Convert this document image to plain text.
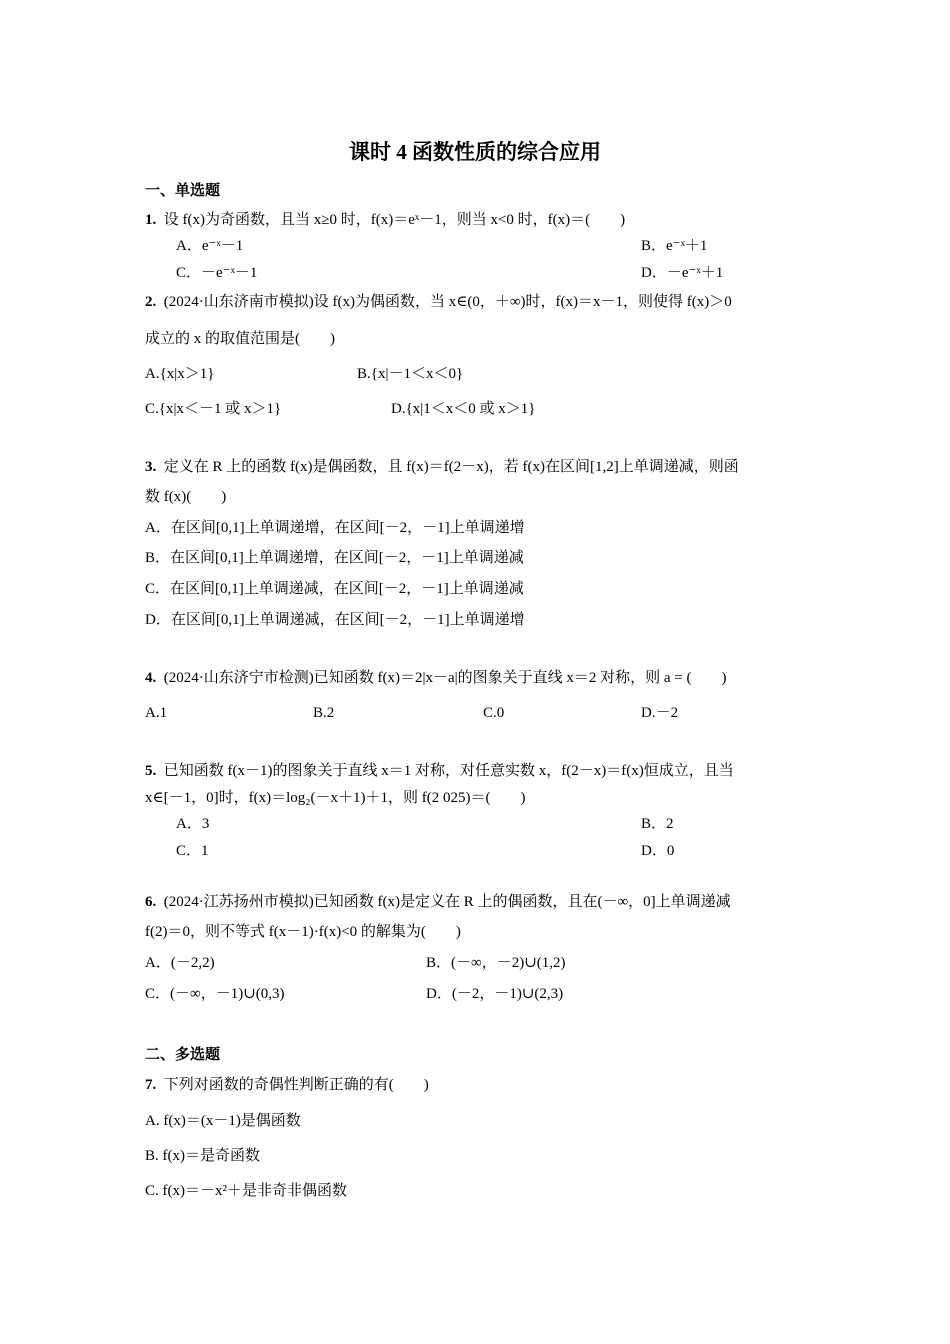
课时 4 函数性质的综合应用
一、单选题
1. 设 f(x)为奇函数，且当 x≥0 时，f(x)＝eˣ－1，则当 x<0 时，f(x)＝(　　)
A．e⁻ˣ－1	B．e⁻ˣ＋1
C．－e⁻ˣ－1	D．－e⁻ˣ＋1
2. (2024·山东济南市模拟)设 f(x)为偶函数，当 x∈(0，＋∞)时，f(x)＝x－1，则使得 f(x)＞0
成立的 x 的取值范围是(　　)
A.{x|x＞1}	B.{x|－1＜x＜0}
C.{x|x＜－1 或 x＞1}	D.{x|1＜x＜0 或 x＞1}
3. 定义在 R 上的函数 f(x)是偶函数，且 f(x)＝f(2－x)，若 f(x)在区间[1,2]上单调递减，则函
数 f(x)(　　)
A．在区间[0,1]上单调递增，在区间[－2，－1]上单调递增
B．在区间[0,1]上单调递增，在区间[－2，－1]上单调递减
C．在区间[0,1]上单调递减，在区间[－2，－1]上单调递减
D．在区间[0,1]上单调递减，在区间[－2，－1]上单调递增
4. (2024·山东济宁市检测)已知函数 f(x)＝2|x－a|的图象关于直线 x＝2 对称，则 a = (　　)
A.1	B.2	C.0	D.－2
5. 已知函数 f(x－1)的图象关于直线 x＝1 对称，对任意实数 x，f(2－x)＝f(x)恒成立，且当
x∈[－1，0]时，f(x)＝log₂(－x＋1)＋1，则 f(2 025)＝(　　)
A．3	B．2
C．1	D．0
6. (2024·江苏扬州市模拟)已知函数 f(x)是定义在 R 上的偶函数，且在(－∞，0]上单调递减
f(2)＝0，则不等式 f(x－1)·f(x)<0 的解集为(　　)
A．(－2,2)	B．(－∞，－2)∪(1,2)
C．(－∞，－1)∪(0,3)	D．(－2，－1)∪(2,3)
二、多选题
7. 下列对函数的奇偶性判断正确的有(　　)
A. f(x)＝(x－1)是偶函数
B. f(x)＝是奇函数
C. f(x)＝－x²＋是非奇非偶函数
